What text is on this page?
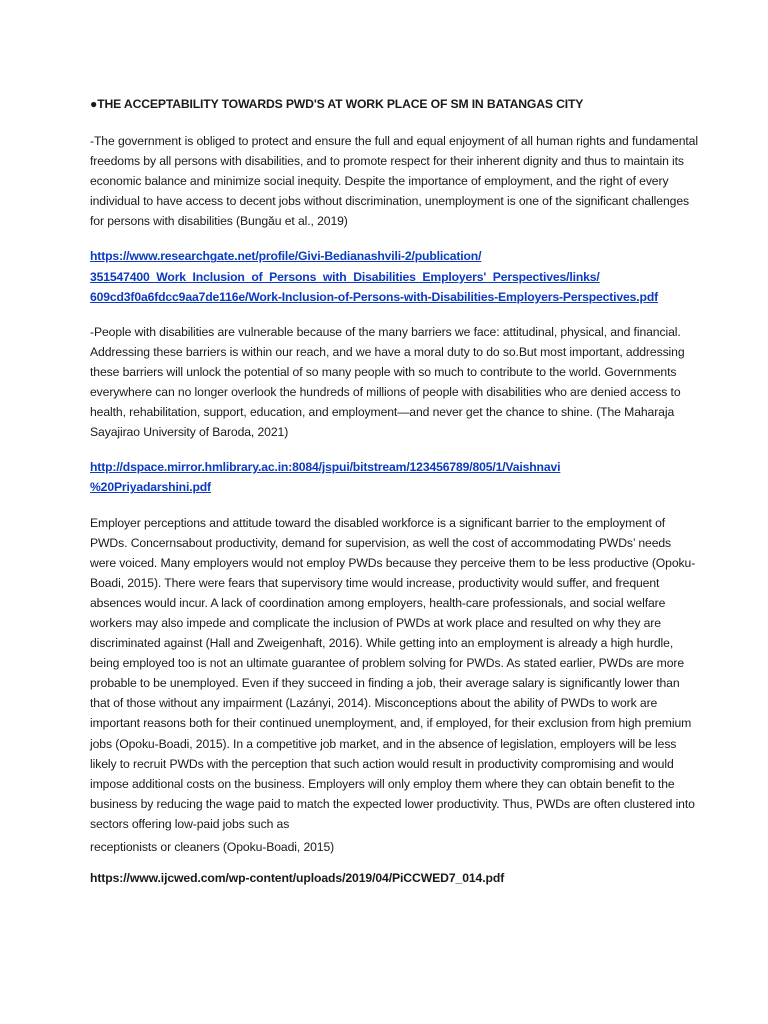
●THE ACCEPTABILITY TOWARDS PWD'S AT WORK PLACE OF SM IN BATANGAS CITY

-The government is obliged to protect and ensure the full and equal enjoyment of all human rights and fundamental freedoms by all persons with disabilities, and to promote respect for their inherent dignity and thus to maintain its economic balance and minimize social inequity. Despite the importance of employment, and the right of every individual to have access to decent jobs without discrimination, unemployment is one of the significant challenges for persons with disabilities (Bungău et al., 2019)

https://www.researchgate.net/profile/Givi-Bedianashvili-2/publication/
351547400_Work_Inclusion_of_Persons_with_Disabilities_Employers'_Perspectives/links/
609cd3f0a6fdcc9aa7de116e/Work-Inclusion-of-Persons-with-Disabilities-Employers-Perspectives.pdf

-People with disabilities are vulnerable because of the many barriers we face: attitudinal, physical, and financial. Addressing these barriers is within our reach, and we have a moral duty to do so.But most important, addressing these barriers will unlock the potential of so many people with so much to contribute to the world. Governments everywhere can no longer overlook the hundreds of millions of people with disabilities who are denied access to health, rehabilitation, support, education, and employment—and never get the chance to shine. (The Maharaja Sayajirao University of Baroda, 2021)

http://dspace.mirror.hmlibrary.ac.in:8084/jspui/bitstream/123456789/805/1/Vaishnavi
%20Priyadarshini.pdf

Employer perceptions and attitude toward the disabled workforce is a significant barrier to the employment of PWDs. Concernsabout productivity, demand for supervision, as well the cost of accommodating PWDs’ needs were voiced. Many employers would not employ PWDs because they perceive them to be less productive (Opoku-Boadi, 2015). There were fears that supervisory time would increase, productivity would suffer, and frequent absences would incur. A lack of coordination among employers, health-care professionals, and social welfare workers may also impede and complicate the inclusion of PWDs at work place and resulted on why they are discriminated against (Hall and Zweigenhaft, 2016). While getting into an employment is already a high hurdle, being employed too is not an ultimate guarantee of problem solving for PWDs. As stated earlier, PWDs are more probable to be unemployed. Even if they succeed in finding a job, their average salary is significantly lower than that of those without any impairment (Lazányi, 2014). Misconceptions about the ability of PWDs to work are important reasons both for their continued unemployment, and, if employed, for their exclusion from high premium jobs (Opoku-Boadi, 2015). In a competitive job market, and in the absence of legislation, employers will be less likely to recruit PWDs with the perception that such action would result in productivity compromising and would impose additional costs on the business. Employers will only employ them where they can obtain benefit to the business by reducing the wage paid to match the expected lower productivity. Thus, PWDs are often clustered into sectors offering low-paid jobs such as

receptionists or cleaners (Opoku-Boadi, 2015)

https://www.ijcwed.com/wp-content/uploads/2019/04/PiCCWED7_014.pdf
